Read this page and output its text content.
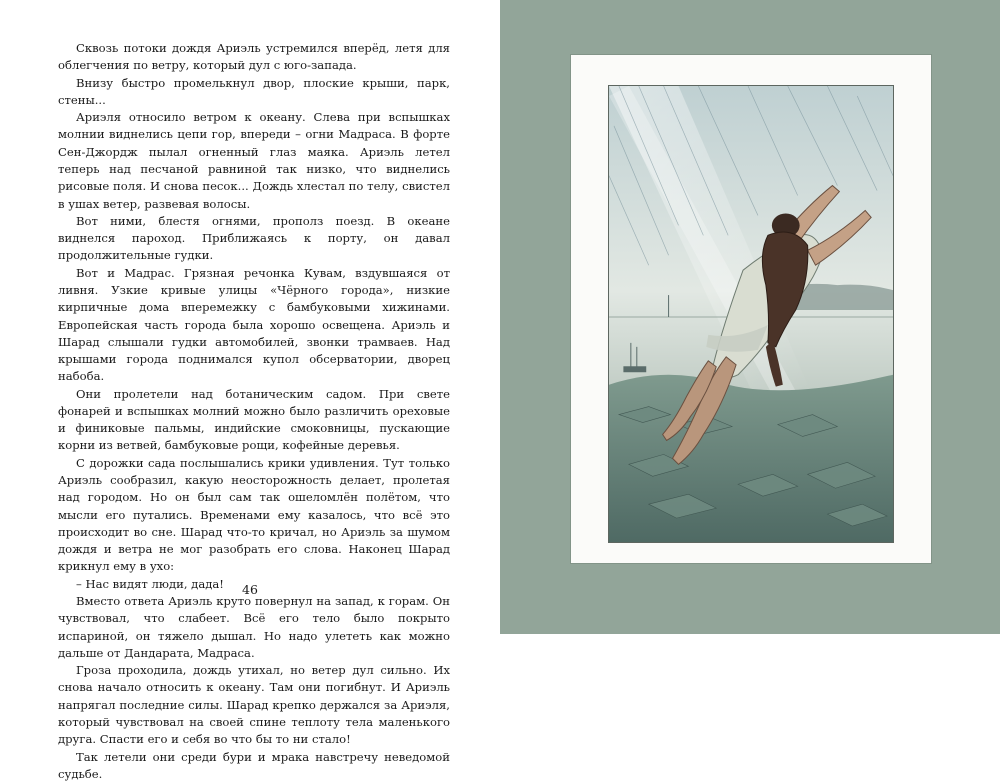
Сквозь потоки дождя Ариэль устремился вперёд, летя для облегчения по ветру, который дул с юго-запада.

Внизу быстро промелькнул двор, плоские крыши, парк, стены...

Ариэля относило ветром к океану. Слева при вспышках молнии виднелись цепи гор, впереди – огни Мадраса. В форте Сен-Джордж пылал огненный глаз маяка. Ариэль летел теперь над песчаной равниной так низко, что виднелись рисовые поля. И снова песок... Дождь хлестал по телу, свистел в ушах ветер, развевая волосы.

Вот ними, блестя огнями, прополз поезд. В океане виднелся пароход. Приближаясь к порту, он давал продолжительные гудки.

Вот и Мадрас. Грязная речонка Кувам, вздувшаяся от ливня. Узкие кривые улицы «Чёрного города», низкие кирпичные дома вперемежку с бамбуковыми хижинами. Европейская часть города была хорошо освещена. Ариэль и Шарад слышали гудки автомобилей, звонки трамваев. Над крышами города поднимался купол обсерватории, дворец набоба.

Они пролетели над ботаническим садом. При свете фонарей и вспышках молний можно было различить ореховые и финиковые пальмы, индийские смоковницы, пускающие корни из ветвей, бамбуковые рощи, кофейные деревья.

С дорожки сада послышались крики удивления. Тут только Ариэль сообразил, какую неосторожность делает, пролетая над городом. Но он был сам так ошеломлён полётом, что мысли его путались. Временами ему казалось, что всё это происходит во сне. Шарад что-то кричал, но Ариэль за шумом дождя и ветра не мог разобрать его слова. Наконец Шарад крикнул ему в ухо:

– Нас видят люди, дада!

Вместо ответа Ариэль круто повернул на запад, к горам. Он чувствовал, что слабеет. Всё его тело было покрыто испариной, он тяжело дышал. Но надо улететь как можно дальше от Дандарата, Мадраса.

Гроза проходила, дождь утихал, но ветер дул сильно. Их снова начало относить к океану. Там они погибнут. И Ариэль напрягал последние силы. Шарад крепко держался за Ариэля, который чувствовал на своей спине теплоту тела маленького друга. Спасти его и себя во что бы то ни стало!

Так летели они среди бури и мрака навстречу неведомой судьбе.

46
